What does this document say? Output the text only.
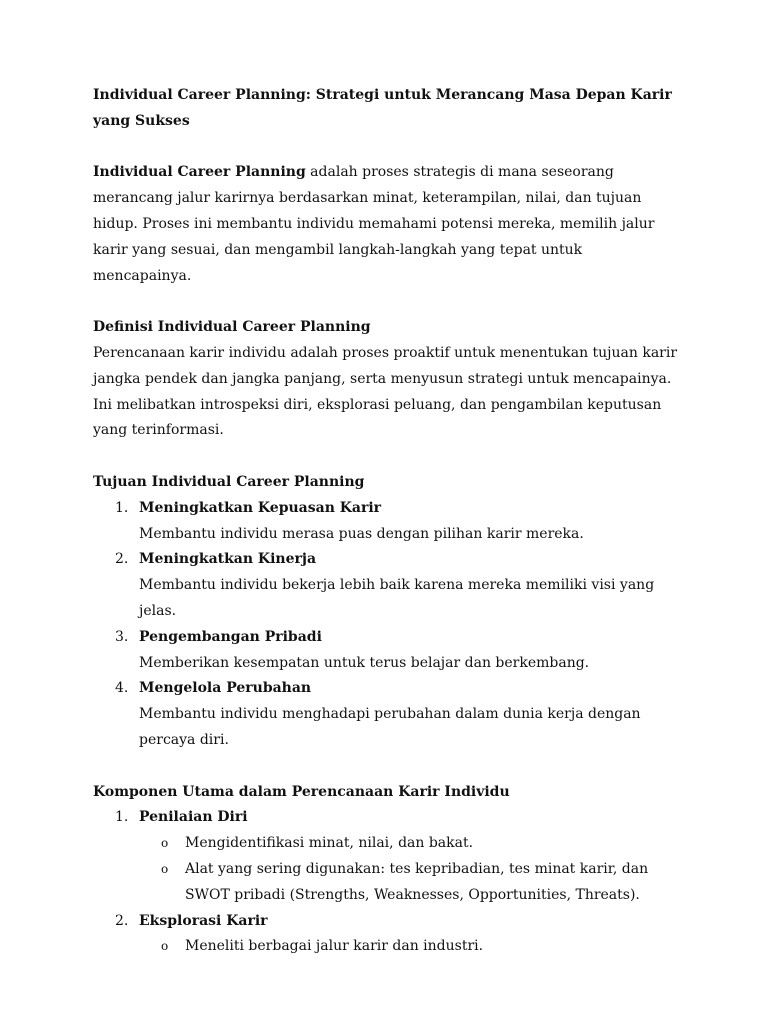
Individual Career Planning: Strategi untuk Merancang Masa Depan Karir yang Sukses

Individual Career Planning adalah proses strategis di mana seseorang merancang jalur karirnya berdasarkan minat, keterampilan, nilai, dan tujuan hidup. Proses ini membantu individu memahami potensi mereka, memilih jalur karir yang sesuai, dan mengambil langkah-langkah yang tepat untuk mencapainya.

Definisi Individual Career Planning

Perencanaan karir individu adalah proses proaktif untuk menentukan tujuan karir jangka pendek dan jangka panjang, serta menyusun strategi untuk mencapainya. Ini melibatkan introspeksi diri, eksplorasi peluang, dan pengambilan keputusan yang terinformasi.

Tujuan Individual Career Planning

1. Meningkatkan Kepuasan Karir

Membantu individu merasa puas dengan pilihan karir mereka.

2. Meningkatkan Kinerja

Membantu individu bekerja lebih baik karena mereka memiliki visi yang jelas.

3. Pengembangan Pribadi

Memberikan kesempatan untuk terus belajar dan berkembang.

4. Mengelola Perubahan

Membantu individu menghadapi perubahan dalam dunia kerja dengan percaya diri.

Komponen Utama dalam Perencanaan Karir Individu

1. Penilaian Diri
o Mengidentifikasi minat, nilai, dan bakat.
o Alat yang sering digunakan: tes kepribadian, tes minat karir, dan SWOT pribadi (Strengths, Weaknesses, Opportunities, Threats).
2. Eksplorasi Karir
o Meneliti berbagai jalur karir dan industri.
